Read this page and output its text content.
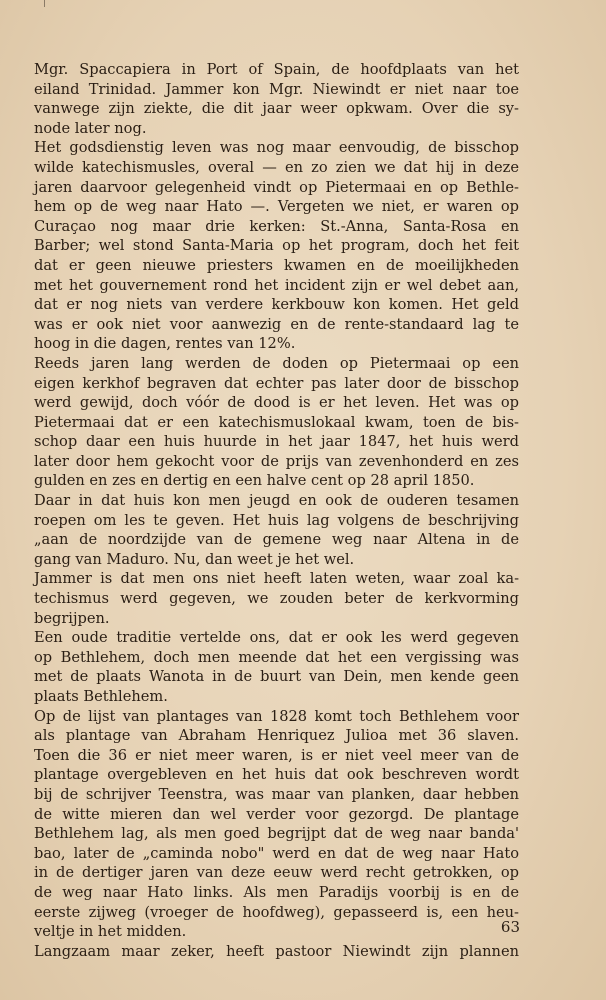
Mgr. Spaccapiera in Port of Spain, de hoofdplaats van het

eiland Trinidad. Jammer kon Mgr. Niewindt er niet naar toe

vanwege zijn ziekte, die dit jaar weer opkwam. Over die sy-

node later nog.

Het godsdienstig leven was nog maar eenvoudig, de bisschop

wilde katechismusles, overal — en zo zien we dat hij in deze

jaren daarvoor gelegenheid vindt op Pietermaai en op Bethle-

hem op de weg naar Hato —. Vergeten we niet, er waren op

Curaçao nog maar drie kerken: St.-Anna, Santa-Rosa en

Barber; wel stond Santa-Maria op het program, doch het feit

dat er geen nieuwe priesters kwamen en de moeilijkheden

met het gouvernement rond het incident zijn er wel debet aan,

dat er nog niets van verdere kerkbouw kon komen. Het geld

was er ook niet voor aanwezig en de rente-standaard lag te

hoog in die dagen, rentes van 12%.

Reeds jaren lang werden de doden op Pietermaai op een

eigen kerkhof begraven dat echter pas later door de bisschop

werd gewijd, doch vóór de dood is er het leven. Het was op

Pietermaai dat er een katechismuslokaal kwam, toen de bis-

schop daar een huis huurde in het jaar 1847, het huis werd

later door hem gekocht voor de prijs van zevenhonderd en zes

gulden en zes en dertig en een halve cent op 28 april 1850.

Daar in dat huis kon men jeugd en ook de ouderen tesamen

roepen om les te geven. Het huis lag volgens de beschrijving

„aan de noordzijde van de gemene weg naar Altena in de

gang van Maduro. Nu, dan weet je het wel.

Jammer is dat men ons niet heeft laten weten, waar zoal ka-

techismus werd gegeven, we zouden beter de kerkvorming

begrijpen.

Een oude traditie vertelde ons, dat er ook les werd gegeven

op Bethlehem, doch men meende dat het een vergissing was

met de plaats Wanota in de buurt van Dein, men kende geen

plaats Bethlehem.

Op de lijst van plantages van 1828 komt toch Bethlehem voor

als plantage van Abraham Henriquez Julioa met 36 slaven.

Toen die 36 er niet meer waren, is er niet veel meer van de

plantage overgebleven en het huis dat ook beschreven wordt

bij de schrijver Teenstra, was maar van planken, daar hebben

de witte mieren dan wel verder voor gezorgd. De plantage

Bethlehem lag, als men goed begrijpt dat de weg naar banda'

bao, later de „caminda nobo" werd en dat de weg naar Hato

in de dertiger jaren van deze eeuw werd recht getrokken, op

de weg naar Hato links. Als men Paradijs voorbij is en de

eerste zijweg (vroeger de hoofdweg), gepasseerd is, een heu-

veltje in het midden.

Langzaam maar zeker, heeft pastoor Niewindt zijn plannen

63
